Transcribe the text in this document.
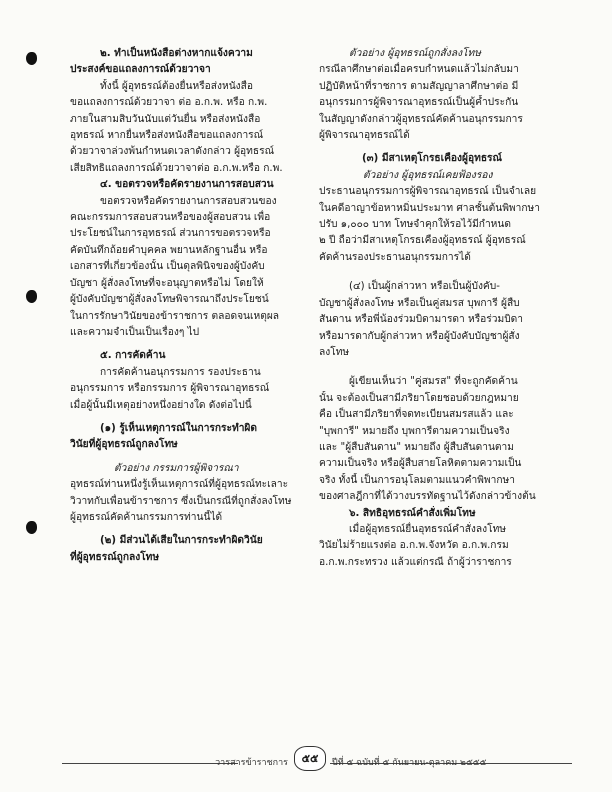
๒. ทำเป็นหนังสือต่างหากแจ้งความ

ประสงค์ขอแถลงการณ์ด้วยวาจา

ทั้งนี้ ผู้อุทธรณ์ต้องยื่นหรือส่งหนังสือ

ขอแถลงการณ์ด้วยวาจา ต่อ อ.ก.พ. หรือ ก.พ.

ภายในสามสิบวันนับแต่วันยื่น หรือส่งหนังสือ

อุทธรณ์ หากยื่นหรือส่งหนังสือขอแถลงการณ์

ด้วยวาจาล่วงพ้นกำหนดเวลาดังกล่าว ผู้อุทธรณ์

เสียสิทธิแถลงการณ์ด้วยวาจาต่อ อ.ก.พ.หรือ ก.พ.

๔. ขอตรวจหรือคัดรายงานการสอบสวน

ขอตรวจหรือคัดรายงานการสอบสวนของ

คณะกรรมการสอบสวนหรือของผู้สอบสวน เพื่อ

ประโยชน์ในการอุทธรณ์ ส่วนการขอตรวจหรือ

คัดบันทึกถ้อยคำบุคคล พยานหลักฐานอื่น หรือ

เอกสารที่เกี่ยวข้องนั้น เป็นดุลพินิจของผู้บังคับ

บัญชา ผู้สั่งลงโทษที่จะอนุญาตหรือไม่ โดยให้

ผู้บังคับบัญชาผู้สั่งลงโทษพิจารณาถึงประโยชน์

ในการรักษาวินัยของข้าราชการ ตลอดจนเหตุผล

และความจำเป็นเป็นเรื่องๆ ไป

๕. การคัดค้าน

การคัดค้านอนุกรรมการ รองประธาน

อนุกรรมการ หรือกรรมการ ผู้พิจารณาอุทธรณ์

เมื่อผู้นั้นมีเหตุอย่างหนึ่งอย่างใด ดังต่อไปนี้

(๑) รู้เห็นเหตุการณ์ในการกระทำผิด

วินัยที่ผู้อุทธรณ์ถูกลงโทษ

ตัวอย่าง กรรมการผู้พิจารณา

อุทธรณ์ท่านหนึ่งรู้เห็นเหตุการณ์ที่ผู้อุทธรณ์ทะเลาะ

วิวาทกับเพื่อนข้าราชการ ซึ่งเป็นกรณีที่ถูกสั่งลงโทษ

ผู้อุทธรณ์คัดค้านกรรมการท่านนี้ได้

(๒) มีส่วนได้เสียในการกระทำผิดวินัย

ที่ผู้อุทธรณ์ถูกลงโทษ

ตัวอย่าง ผู้อุทธรณ์ถูกสั่งลงโทษ

กรณีลาศึกษาต่อเมื่อครบกำหนดแล้วไม่กลับมา

ปฏิบัติหน้าที่ราชการ ตามสัญญาลาศึกษาต่อ มี

อนุกรรมการผู้พิจารณาอุทธรณ์เป็นผู้ค้ำประกัน

ในสัญญาดังกล่าวผู้อุทธรณ์คัดค้านอนุกรรมการ

ผู้พิจารณาอุทธรณ์ได้

(๓) มีสาเหตุโกรธเคืองผู้อุทธรณ์

ตัวอย่าง ผู้อุทธรณ์เคยฟ้องรอง

ประธานอนุกรรมการผู้พิจารณาอุทธรณ์ เป็นจำเลย

ในคดีอาญาข้อหาหมิ่นประมาท ศาลชั้นต้นพิพากษา

ปรับ ๑,๐๐๐ บาท โทษจำคุกให้รอไว้มีกำหนด

๒ ปี ถือว่ามีสาเหตุโกรธเคืองผู้อุทธรณ์ ผู้อุทธรณ์

คัดค้านรองประธานอนุกรรมการได้

(๔) เป็นผู้กล่าวหา หรือเป็นผู้บังคับ-

บัญชาผู้สั่งลงโทษ หรือเป็นคู่สมรส บุพการี ผู้สืบ

สันดาน หรือพี่น้องร่วมบิดามารดา หรือร่วมบิดา

หรือมารดากับผู้กล่าวหา หรือผู้บังคับบัญชาผู้สั่ง

ลงโทษ

ผู้เขียนเห็นว่า "คู่สมรส" ที่จะถูกคัดค้าน

นั้น จะต้องเป็นสามีภริยาโดยชอบด้วยกฎหมาย

คือ เป็นสามีภริยาที่จดทะเบียนสมรสแล้ว และ

"บุพการี" หมายถึง บุพการีตามความเป็นจริง

และ "ผู้สืบสันดาน" หมายถึง ผู้สืบสันดานตาม

ความเป็นจริง หรือผู้สืบสายโลหิตตามความเป็น

จริง ทั้งนี้ เป็นการอนุโลมตามแนวคำพิพากษา

ของศาลฎีกาที่ได้วางบรรทัดฐานไว้ดังกล่าวข้างต้น

๖. สิทธิอุทธรณ์คำสั่งเพิ่มโทษ

เมื่อผู้อุทธรณ์ยื่นอุทธรณ์คำสั่งลงโทษ

วินัยไม่ร้ายแรงต่อ อ.ก.พ.จังหวัด อ.ก.พ.กรม

อ.ก.พ.กระทรวง แล้วแต่กรณี ถ้าผู้ว่าราชการ

วารสารข้าราชการ	๕๕	ปีที่ ๕ ฉบับที่ ๕ กันยายน-ตุลาคม ๒๕๕๕
